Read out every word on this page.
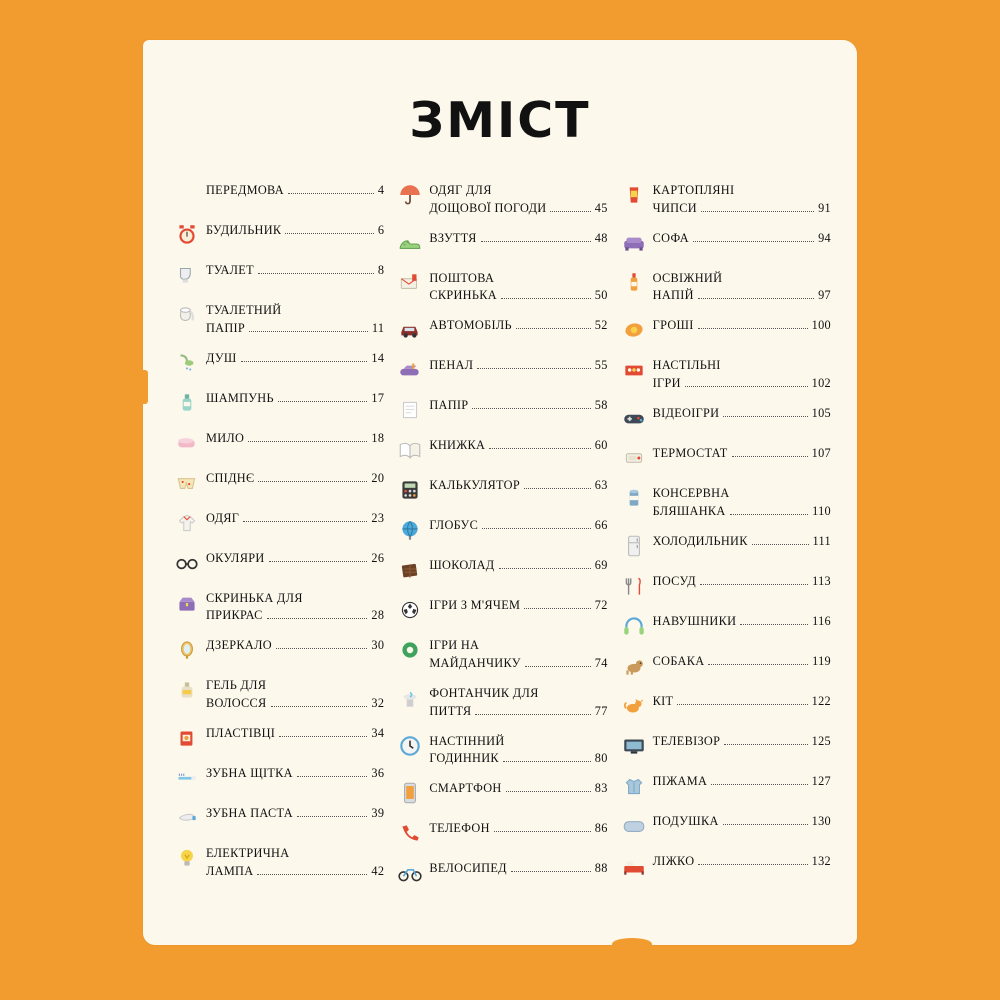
ЗМІСТ
ПЕРЕДМОВА	4
БУДИЛЬНИК	6
ТУАЛЕТ	8
ТУАЛЕТНИЙ
ПАПІР	11
ДУШ	14
ШАМПУНЬ	17
МИЛО	18
СПІДНЄ	20
ОДЯГ	23
ОКУЛЯРИ	26
СКРИНЬКА ДЛЯ
ПРИКРАС	28
ДЗЕРКАЛО	30
ГЕЛЬ ДЛЯ
ВОЛОССЯ	32
ПЛАСТІВЦІ	34
ЗУБНА ЩІТКА	36
ЗУБНА ПАСТА	39
ЕЛЕКТРИЧНА
ЛАМПА	42
ОДЯГ ДЛЯ
ДОЩОВОЇ ПОГОДИ	45
ВЗУТТЯ	48
ПОШТОВА
СКРИНЬКА	50
АВТОМОБІЛЬ	52
ПЕНАЛ	55
ПАПІР	58
КНИЖКА	60
КАЛЬКУЛЯТОР	63
ГЛОБУС	66
ШОКОЛАД	69
ІГРИ З М'ЯЧЕМ	72
ІГРИ НА
МАЙДАНЧИКУ	74
ФОНТАНЧИК ДЛЯ
ПИТТЯ	77
НАСТІННИЙ
ГОДИННИК	80
СМАРТФОН	83
ТЕЛЕФОН	86
ВЕЛОСИПЕД	88
КАРТОПЛЯНІ
ЧИПСИ	91
СОФА	94
ОСВІЖНИЙ
НАПІЙ	97
ГРОШІ	100
НАСТІЛЬНІ
ІГРИ	102
ВІДЕОІГРИ	105
ТЕРМОСТАТ	107
КОНСЕРВНА
БЛЯШАНКА	110
ХОЛОДИЛЬНИК	111
ПОСУД	113
НАВУШНИКИ	116
СОБАКА	119
КІТ	122
ТЕЛЕВІЗОР	125
ПІЖАМА	127
ПОДУШКА	130
ЛІЖКО	132
